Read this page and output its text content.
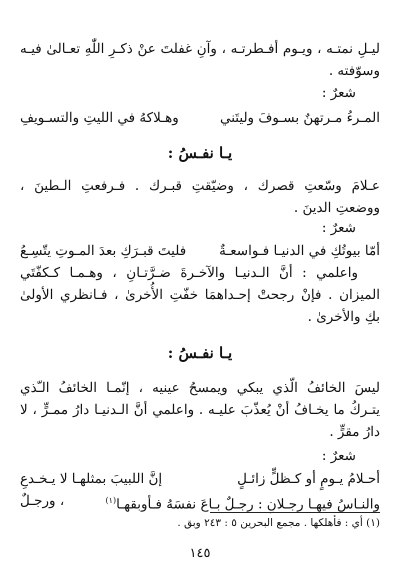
ليـلِ نمتـه ، ويـوم أفـطرتـه ، وآنِ غفلتَ عنْ ذكـرِ اللّٰهِ تعـالىٰ فيـه
وسوّفته .
شعرٌ :
المـرءُ مـرتهنٌ بسـوفَ وليتَني
وهـلاكهُ في الليتِ والتسـويفِ
يـا نفـسُ :
عـلامَ وسّعتِ قصرك ، وضيّقتِ قبـرك . فـرفعتِ الـطينَ ،
ووضعتِ الدينَ .
شعرٌ :
أمّا بيوتُكِ في الدنيـا فـواسعـةٌ
فليتَ قبـرَكِ بعدَ المـوتِ يتّسِـعُ
واعلمي : أنَّ الـدنيـا والآخـرةَ ضـرَّتـانِ ، وهـمـا كـكفّتَي
الميزان . فإنْ رجحتْ إحـداهمَا خفّتِ الأُخرىٰ ، فـانظري الأولىٰ
بكِ والأخرىٰ .
يـا نفـسُ :
ليسَ الخائفُ الّذي يبكي ويمسحُ عينيه ، إنّمـا الخائفُ الـّذي
يتـركُ ما يخـافُ أنْ يُعذّبَ عليـه . واعلمي أنَّ الـدنيـا دارُ ممـرٍّ ، لا
دارُ مقرٍّ .
شعرٌ :
أحـلامُ يـومٍ أو كـظلٍّ زائـلٍ
إنَّ اللبيبَ بمثلهـا لا يـخـدعِ
والنـاسُ فيهـا رجـلانِ : رجـلٌ بـاعَ نفسَهُ فـأوبقهـا$^{(١)}$
، ورجـلٌ
(١) أي : فأهلكها . مجمع البحرين ٥ : ٢٤٣ وبق .
١٤٥
